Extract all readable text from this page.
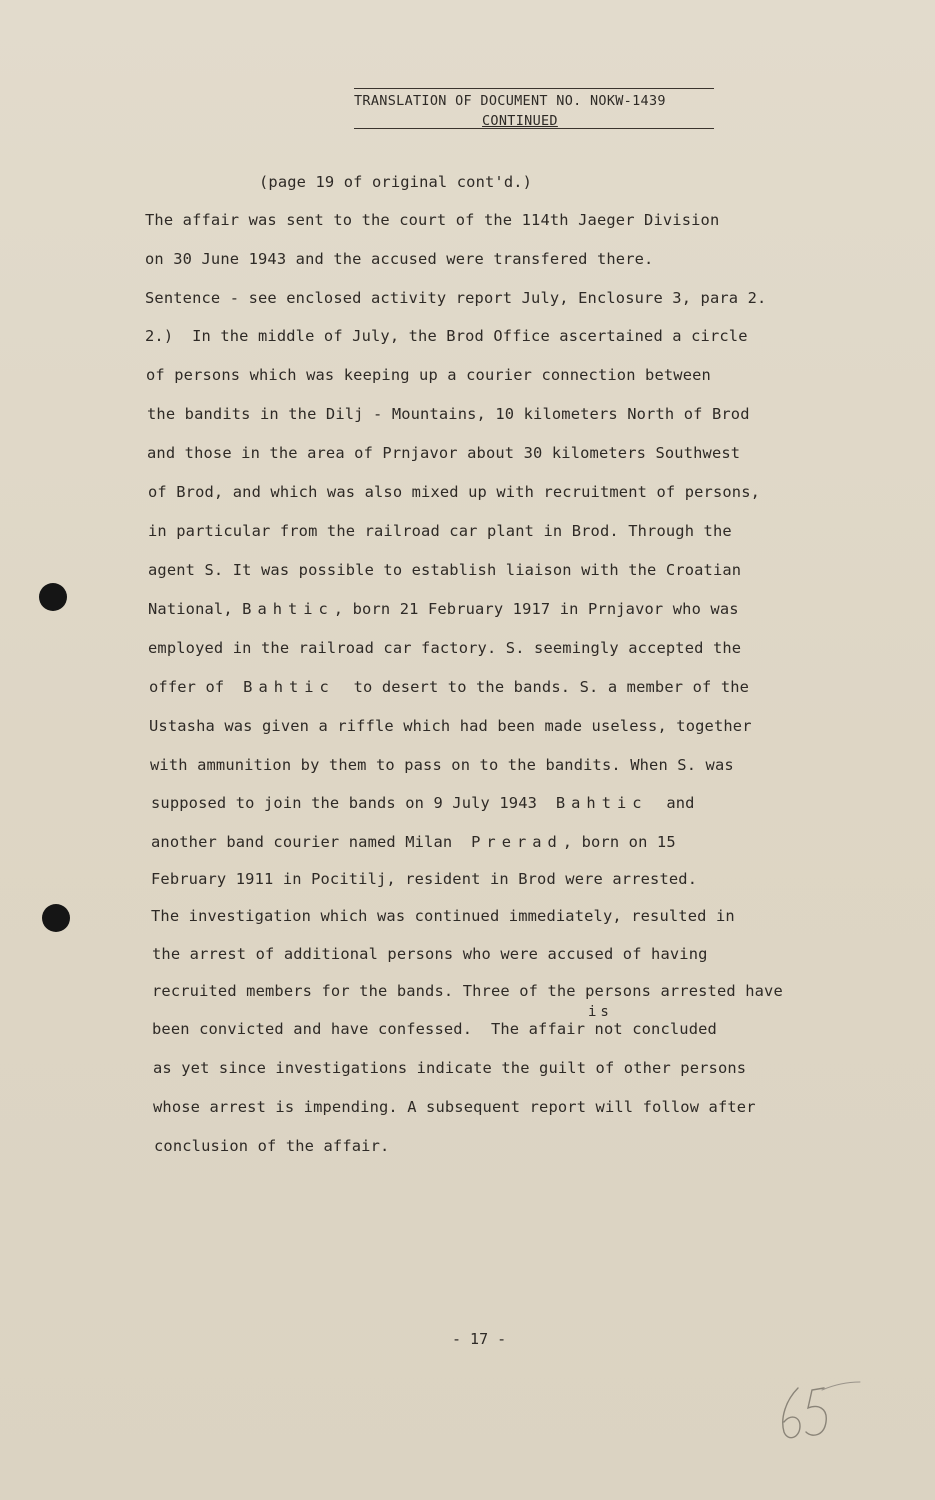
TRANSLATION OF DOCUMENT NO. NOKW-1439
CONTINUED
(page 19 of original cont'd.)
The affair was sent to the court of the 114th Jaeger Division
on 30 June 1943 and the accused were transfered there.
Sentence - see enclosed activity report July, Enclosure 3, para 2.
2.)  In the middle of July, the Brod Office ascertained a circle
of persons which was keeping up a courier connection between
the bandits in the Dilj - Mountains, 10 kilometers North of Brod
and those in the area of Prnjavor about 30 kilometers Southwest
of Brod, and which was also mixed up with recruitment of persons,
in particular from the railroad car plant in Brod. Through the
agent S. It was possible to establish liaison with the Croatian
National, Bahtic, born 21 February 1917 in Prnjavor who was
employed in the railroad car factory. S. seemingly accepted the
offer of  Bahtic  to desert to the bands. S. a member of the
Ustasha was given a riffle which had been made useless, together
with ammunition by them to pass on to the bandits. When S. was
supposed to join the bands on 9 July 1943  Bahtic  and
another band courier named Milan  Prerad, born on 15
February 1911 in Pocitilj, resident in Brod were arrested.
The investigation which was continued immediately, resulted in
the arrest of additional persons who were accused of having
recruited members for the bands. Three of the persons arrested have
is
been convicted and have confessed.  The affair not concluded
as yet since investigations indicate the guilt of other persons
whose arrest is impending. A subsequent report will follow after
conclusion of the affair.
- 17 -
